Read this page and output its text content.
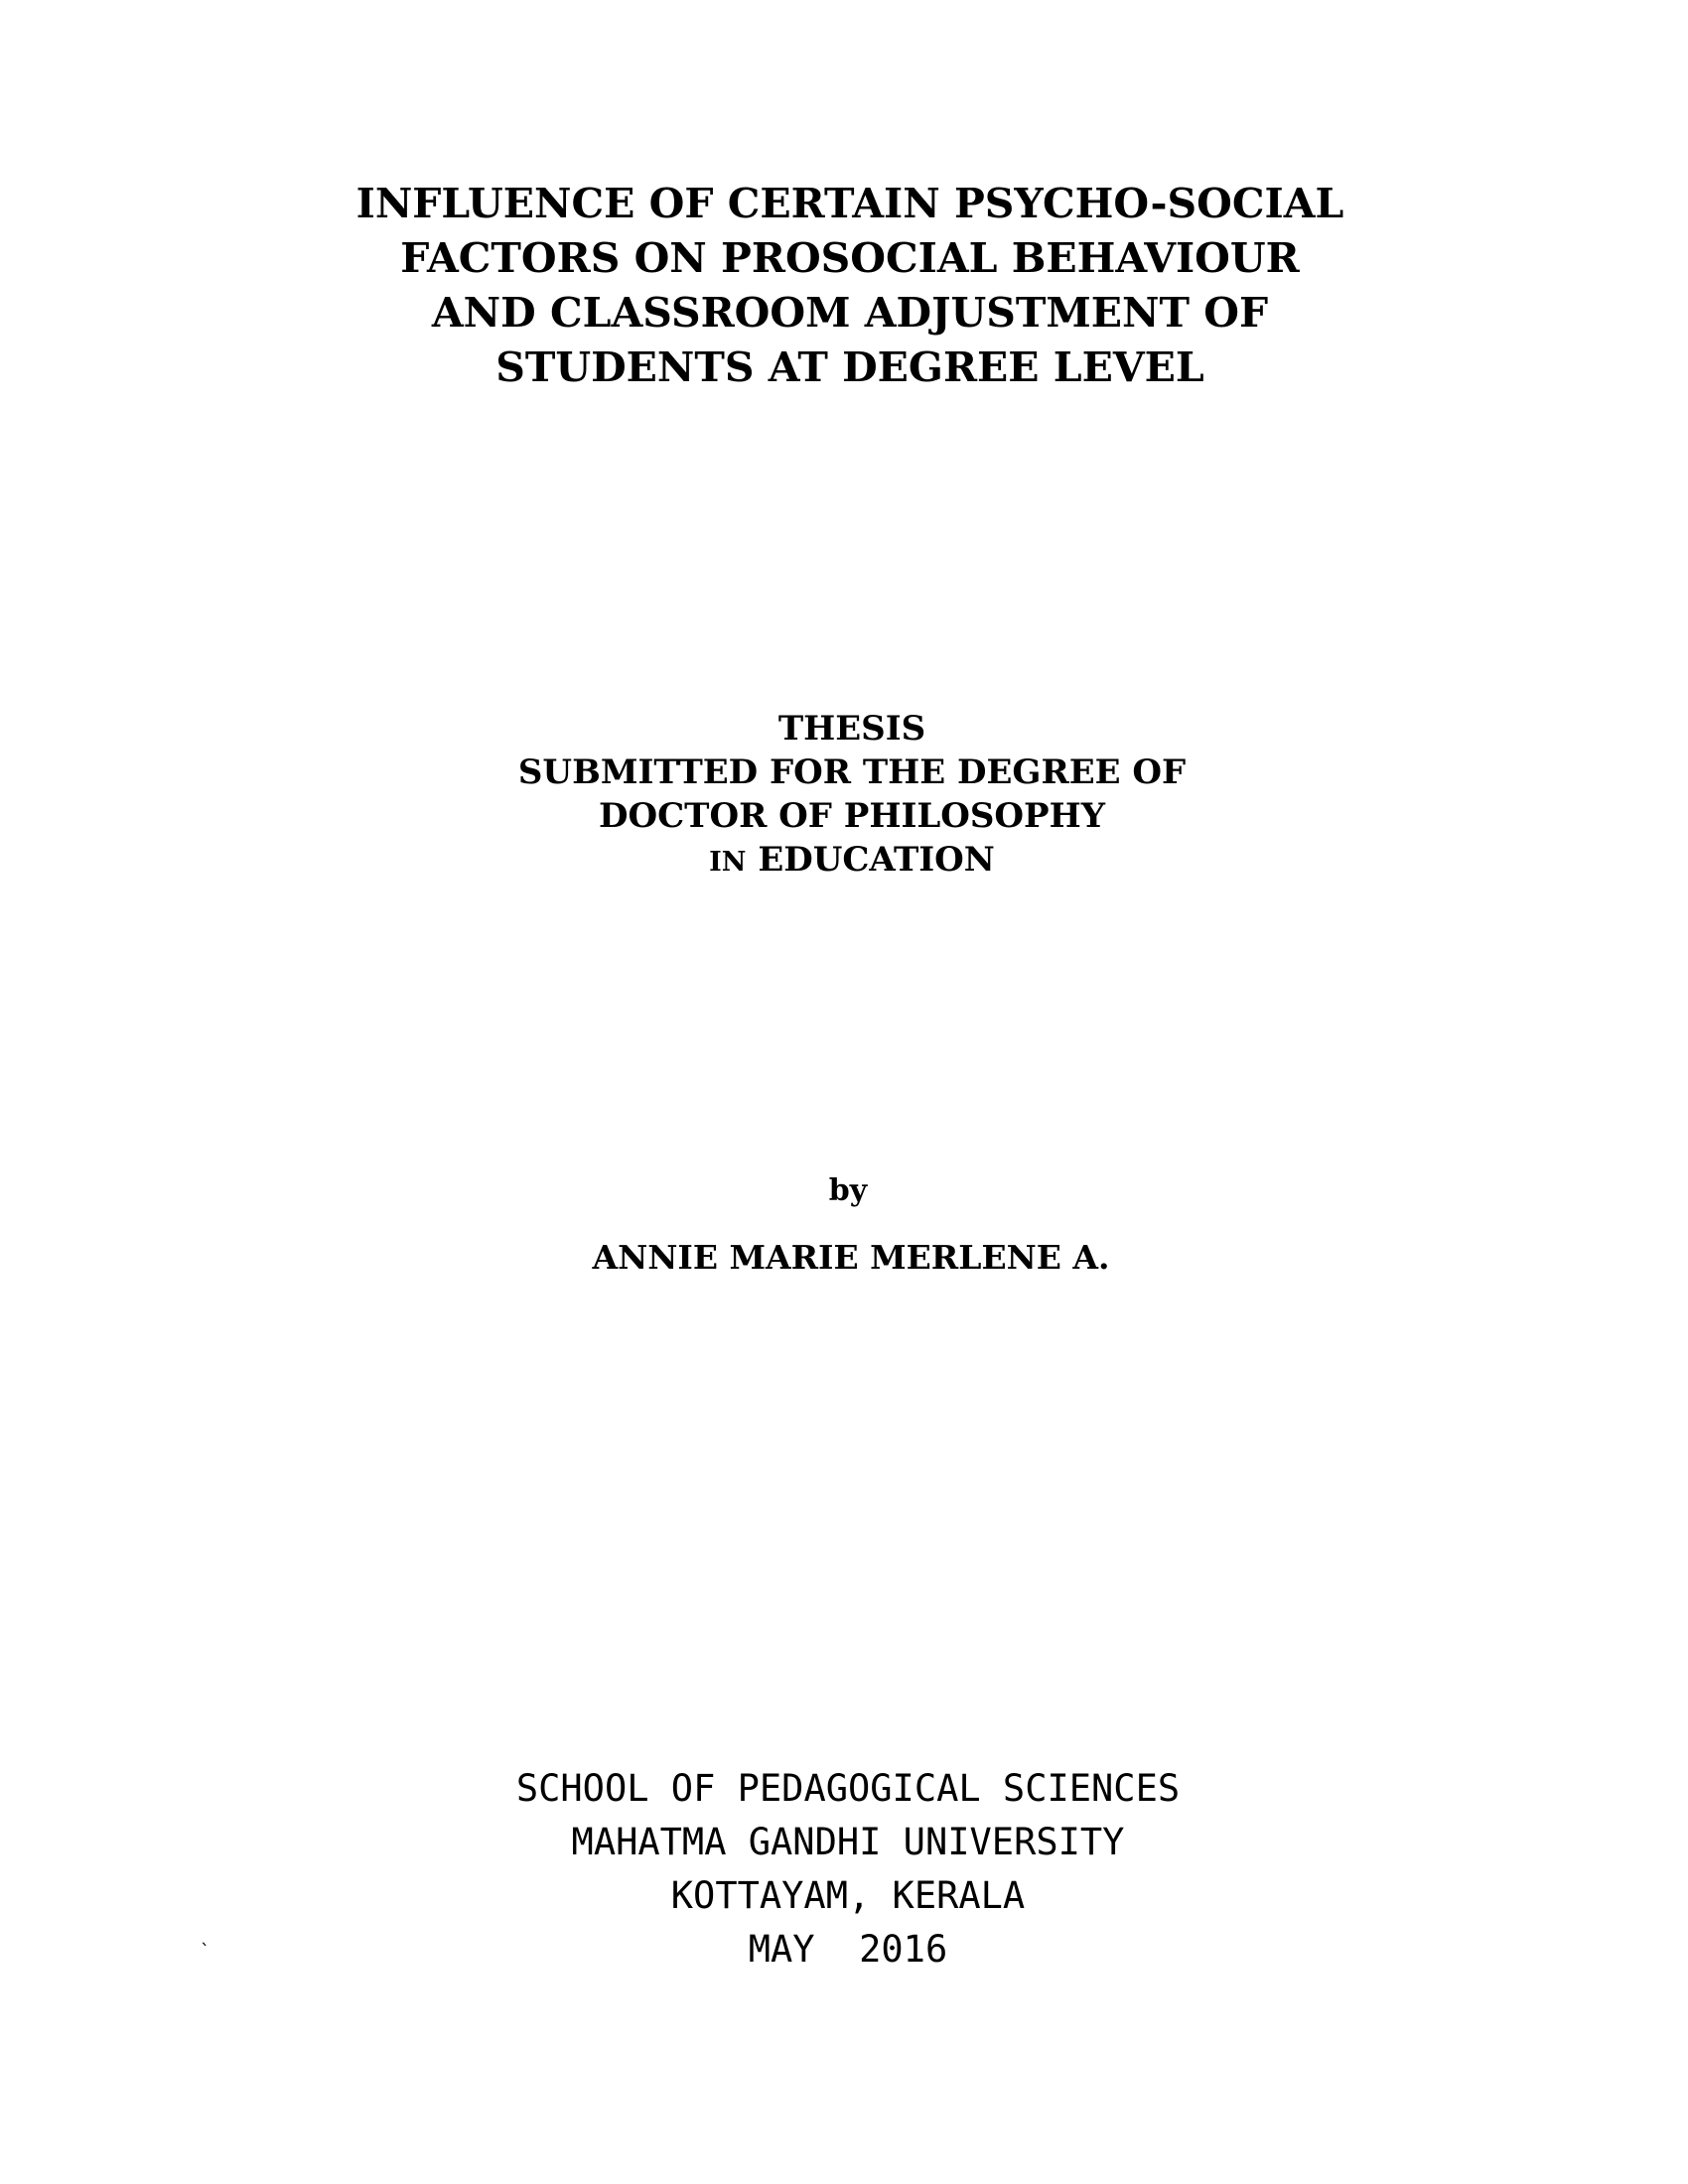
INFLUENCE OF CERTAIN PSYCHO-SOCIAL
FACTORS ON PROSOCIAL BEHAVIOUR
AND CLASSROOM ADJUSTMENT OF
STUDENTS AT DEGREE LEVEL
THESIS
SUBMITTED FOR THE DEGREE OF
DOCTOR OF PHILOSOPHY
IN EDUCATION
by
ANNIE MARIE MERLENE A.
SCHOOL OF PEDAGOGICAL SCIENCES
MAHATMA GANDHI UNIVERSITY
KOTTAYAM, KERALA
MAY  2016
`
